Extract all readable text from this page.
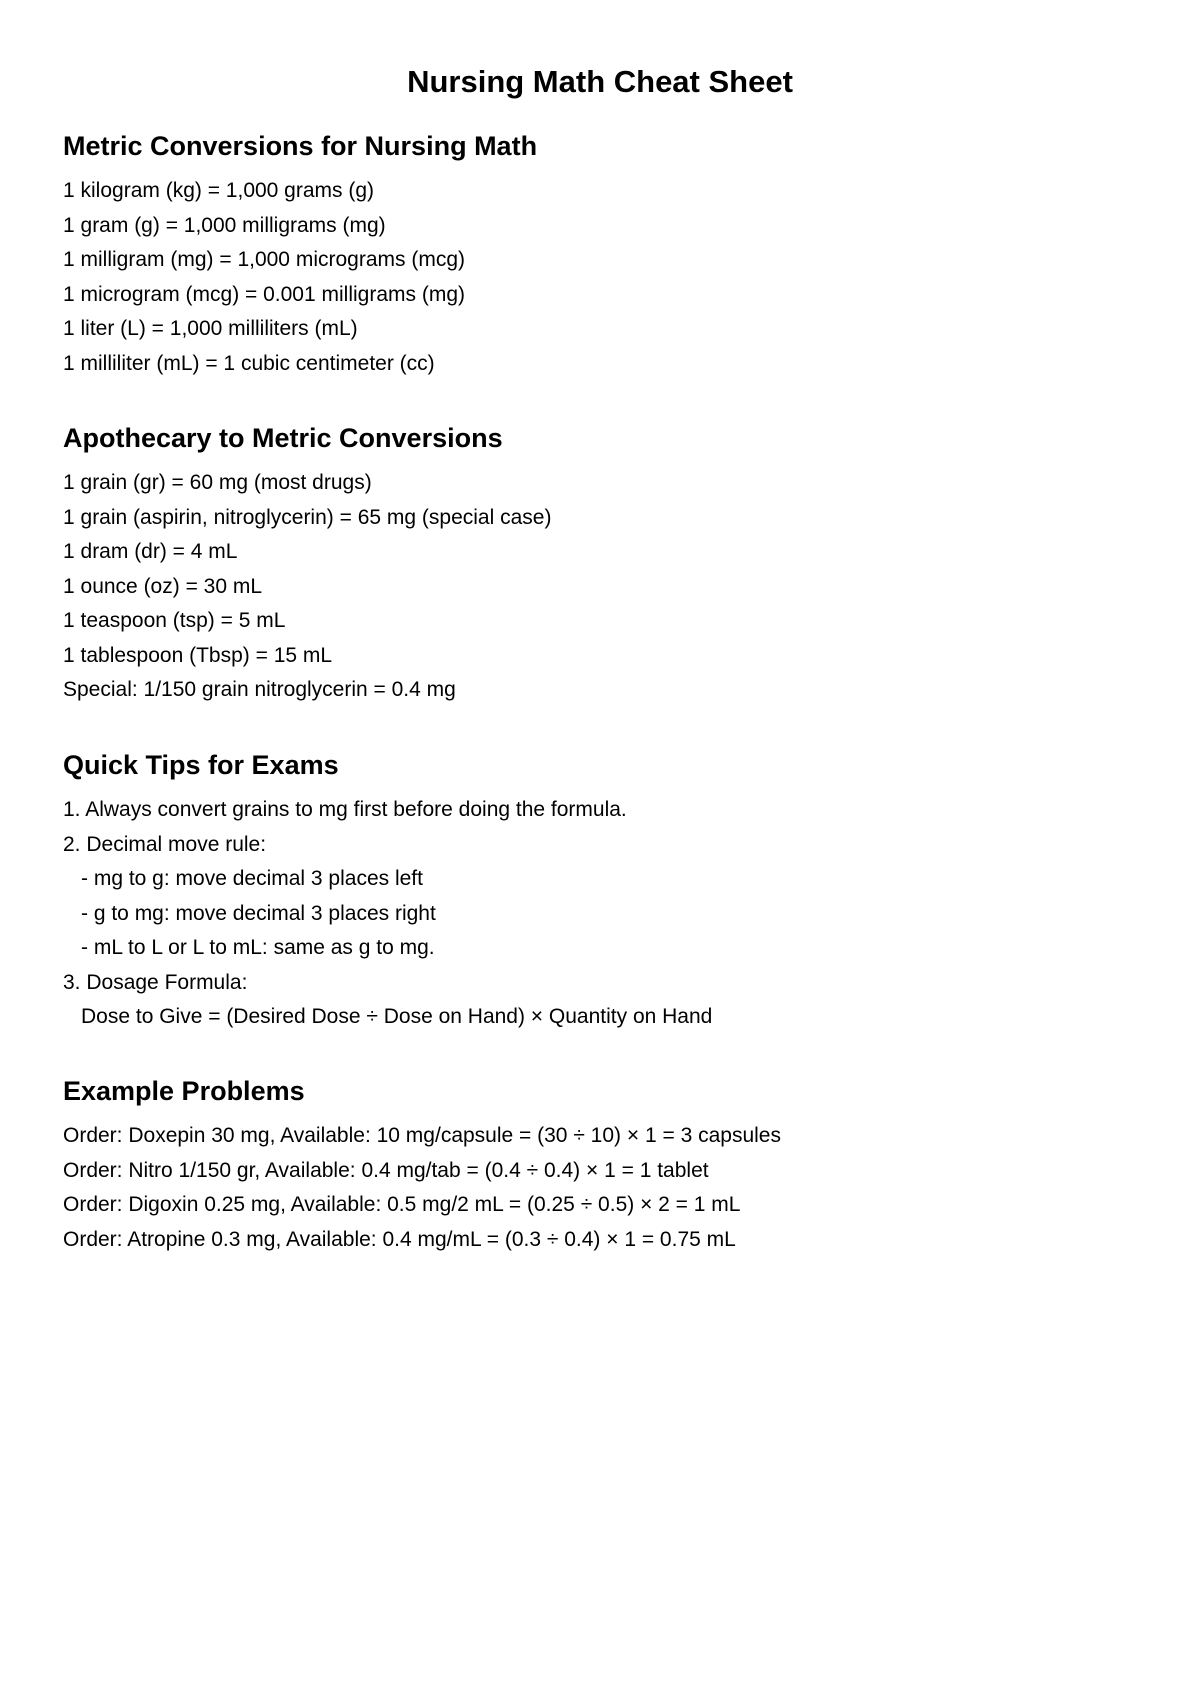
Nursing Math Cheat Sheet
Metric Conversions for Nursing Math
1 kilogram (kg) = 1,000 grams (g)
1 gram (g) = 1,000 milligrams (mg)
1 milligram (mg) = 1,000 micrograms (mcg)
1 microgram (mcg) = 0.001 milligrams (mg)
1 liter (L) = 1,000 milliliters (mL)
1 milliliter (mL) = 1 cubic centimeter (cc)
Apothecary to Metric Conversions
1 grain (gr) = 60 mg (most drugs)
1 grain (aspirin, nitroglycerin) = 65 mg (special case)
1 dram (dr) = 4 mL
1 ounce (oz) = 30 mL
1 teaspoon (tsp) = 5 mL
1 tablespoon (Tbsp) = 15 mL
Special: 1/150 grain nitroglycerin = 0.4 mg
Quick Tips for Exams
1. Always convert grains to mg first before doing the formula.
2. Decimal move rule:
- mg to g: move decimal 3 places left
- g to mg: move decimal 3 places right
- mL to L or L to mL: same as g to mg.
3. Dosage Formula:
Dose to Give = (Desired Dose ÷ Dose on Hand) × Quantity on Hand
Example Problems
Order: Doxepin 30 mg, Available: 10 mg/capsule = (30 ÷ 10) × 1 = 3 capsules
Order: Nitro 1/150 gr, Available: 0.4 mg/tab = (0.4 ÷ 0.4) × 1 = 1 tablet
Order: Digoxin 0.25 mg, Available: 0.5 mg/2 mL = (0.25 ÷ 0.5) × 2 = 1 mL
Order: Atropine 0.3 mg, Available: 0.4 mg/mL = (0.3 ÷ 0.4) × 1 = 0.75 mL
